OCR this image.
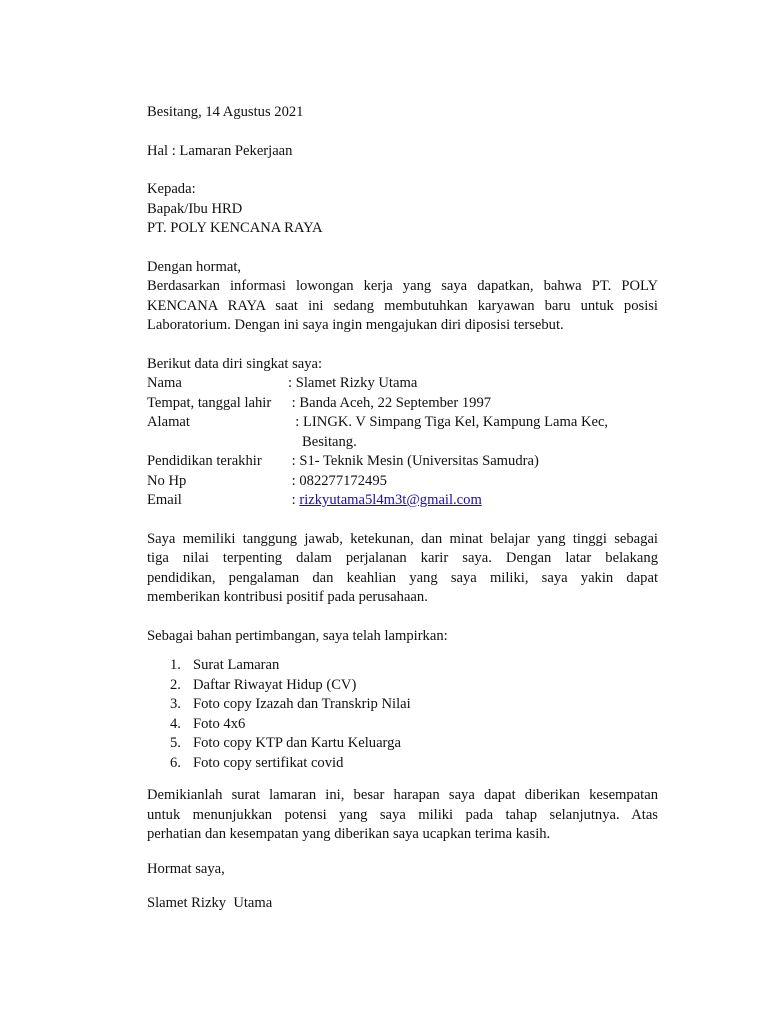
Besitang, 14 Agustus 2021
Hal : Lamaran Pekerjaan
Kepada:
Bapak/Ibu HRD
PT. POLY KENCANA RAYA
Dengan hormat,
Berdasarkan informasi lowongan kerja yang saya dapatkan, bahwa PT. POLY
KENCANA RAYA saat ini sedang membutuhkan karyawan baru untuk posisi
Laboratorium. Dengan ini saya ingin mengajukan diri diposisi tersebut.
Berikut data diri singkat saya:
Nama	: Slamet Rizky Utama
Tempat, tanggal lahir	: Banda Aceh, 22 September 1997
Alamat	: LINGK. V Simpang Tiga Kel, Kampung Lama Kec,
Besitang.
Pendidikan terakhir	: S1- Teknik Mesin (Universitas Samudra)
No Hp	: 082277172495
Email	: rizkyutama5l4m3t@gmail.com
Saya memiliki tanggung jawab, ketekunan, dan minat belajar yang tinggi sebagai
tiga nilai terpenting dalam perjalanan karir saya. Dengan latar belakang
pendidikan, pengalaman dan keahlian yang saya miliki, saya yakin dapat
memberikan kontribusi positif pada perusahaan.
Sebagai bahan pertimbangan, saya telah lampirkan:
1. Surat Lamaran
2. Daftar Riwayat Hidup (CV)
3. Foto copy Izazah dan Transkrip Nilai
4. Foto 4x6
5. Foto copy KTP dan Kartu Keluarga
6. Foto copy sertifikat covid
Demikianlah surat lamaran ini, besar harapan saya dapat diberikan kesempatan
untuk menunjukkan potensi yang saya miliki pada tahap selanjutnya. Atas
perhatian dan kesempatan yang diberikan saya ucapkan terima kasih.
Hormat saya,
Slamet Rizky  Utama
